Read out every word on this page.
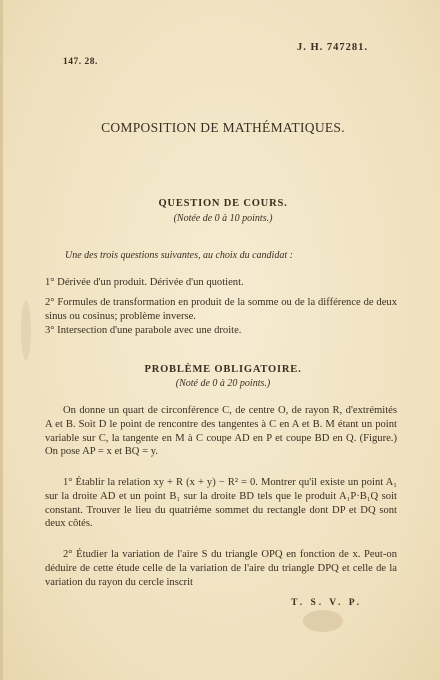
J. H. 747281.
147. 28.
COMPOSITION DE MATHÉMATIQUES.
QUESTION DE COURS.
(Notée de 0 à 10 points.)
Une des trois questions suivantes, au choix du candidat :
1° Dérivée d'un produit. Dérivée d'un quotient.
2° Formules de transformation en produit de la somme ou de la différence de deux sinus ou cosinus; problème inverse.
3° Intersection d'une parabole avec une droite.
PROBLÈME OBLIGATOIRE.
(Noté de 0 à 20 points.)
On donne un quart de circonférence C, de centre O, de rayon R, d'extrémités A et B. Soit D le point de rencontre des tangentes à C en A et B. M étant un point variable sur C, la tangente en M à C coupe AD en P et coupe BD en Q. (Figure.) On pose AP = x et BQ = y.
1° Établir la relation xy + R (x + y) − R² = 0. Montrer qu'il existe un point A₁ sur la droite AD et un point B₁ sur la droite BD tels que le produit A₁P·B₁Q soit constant. Trouver le lieu du quatrième sommet du rectangle dont DP et DQ sont deux côtés.
2° Étudier la variation de l'aire S du triangle OPQ en fonction de x. Peut-on déduire de cette étude celle de la variation de l'aire du triangle DPQ et celle de la variation du rayon du cercle inscrit
T. S. V. P.
